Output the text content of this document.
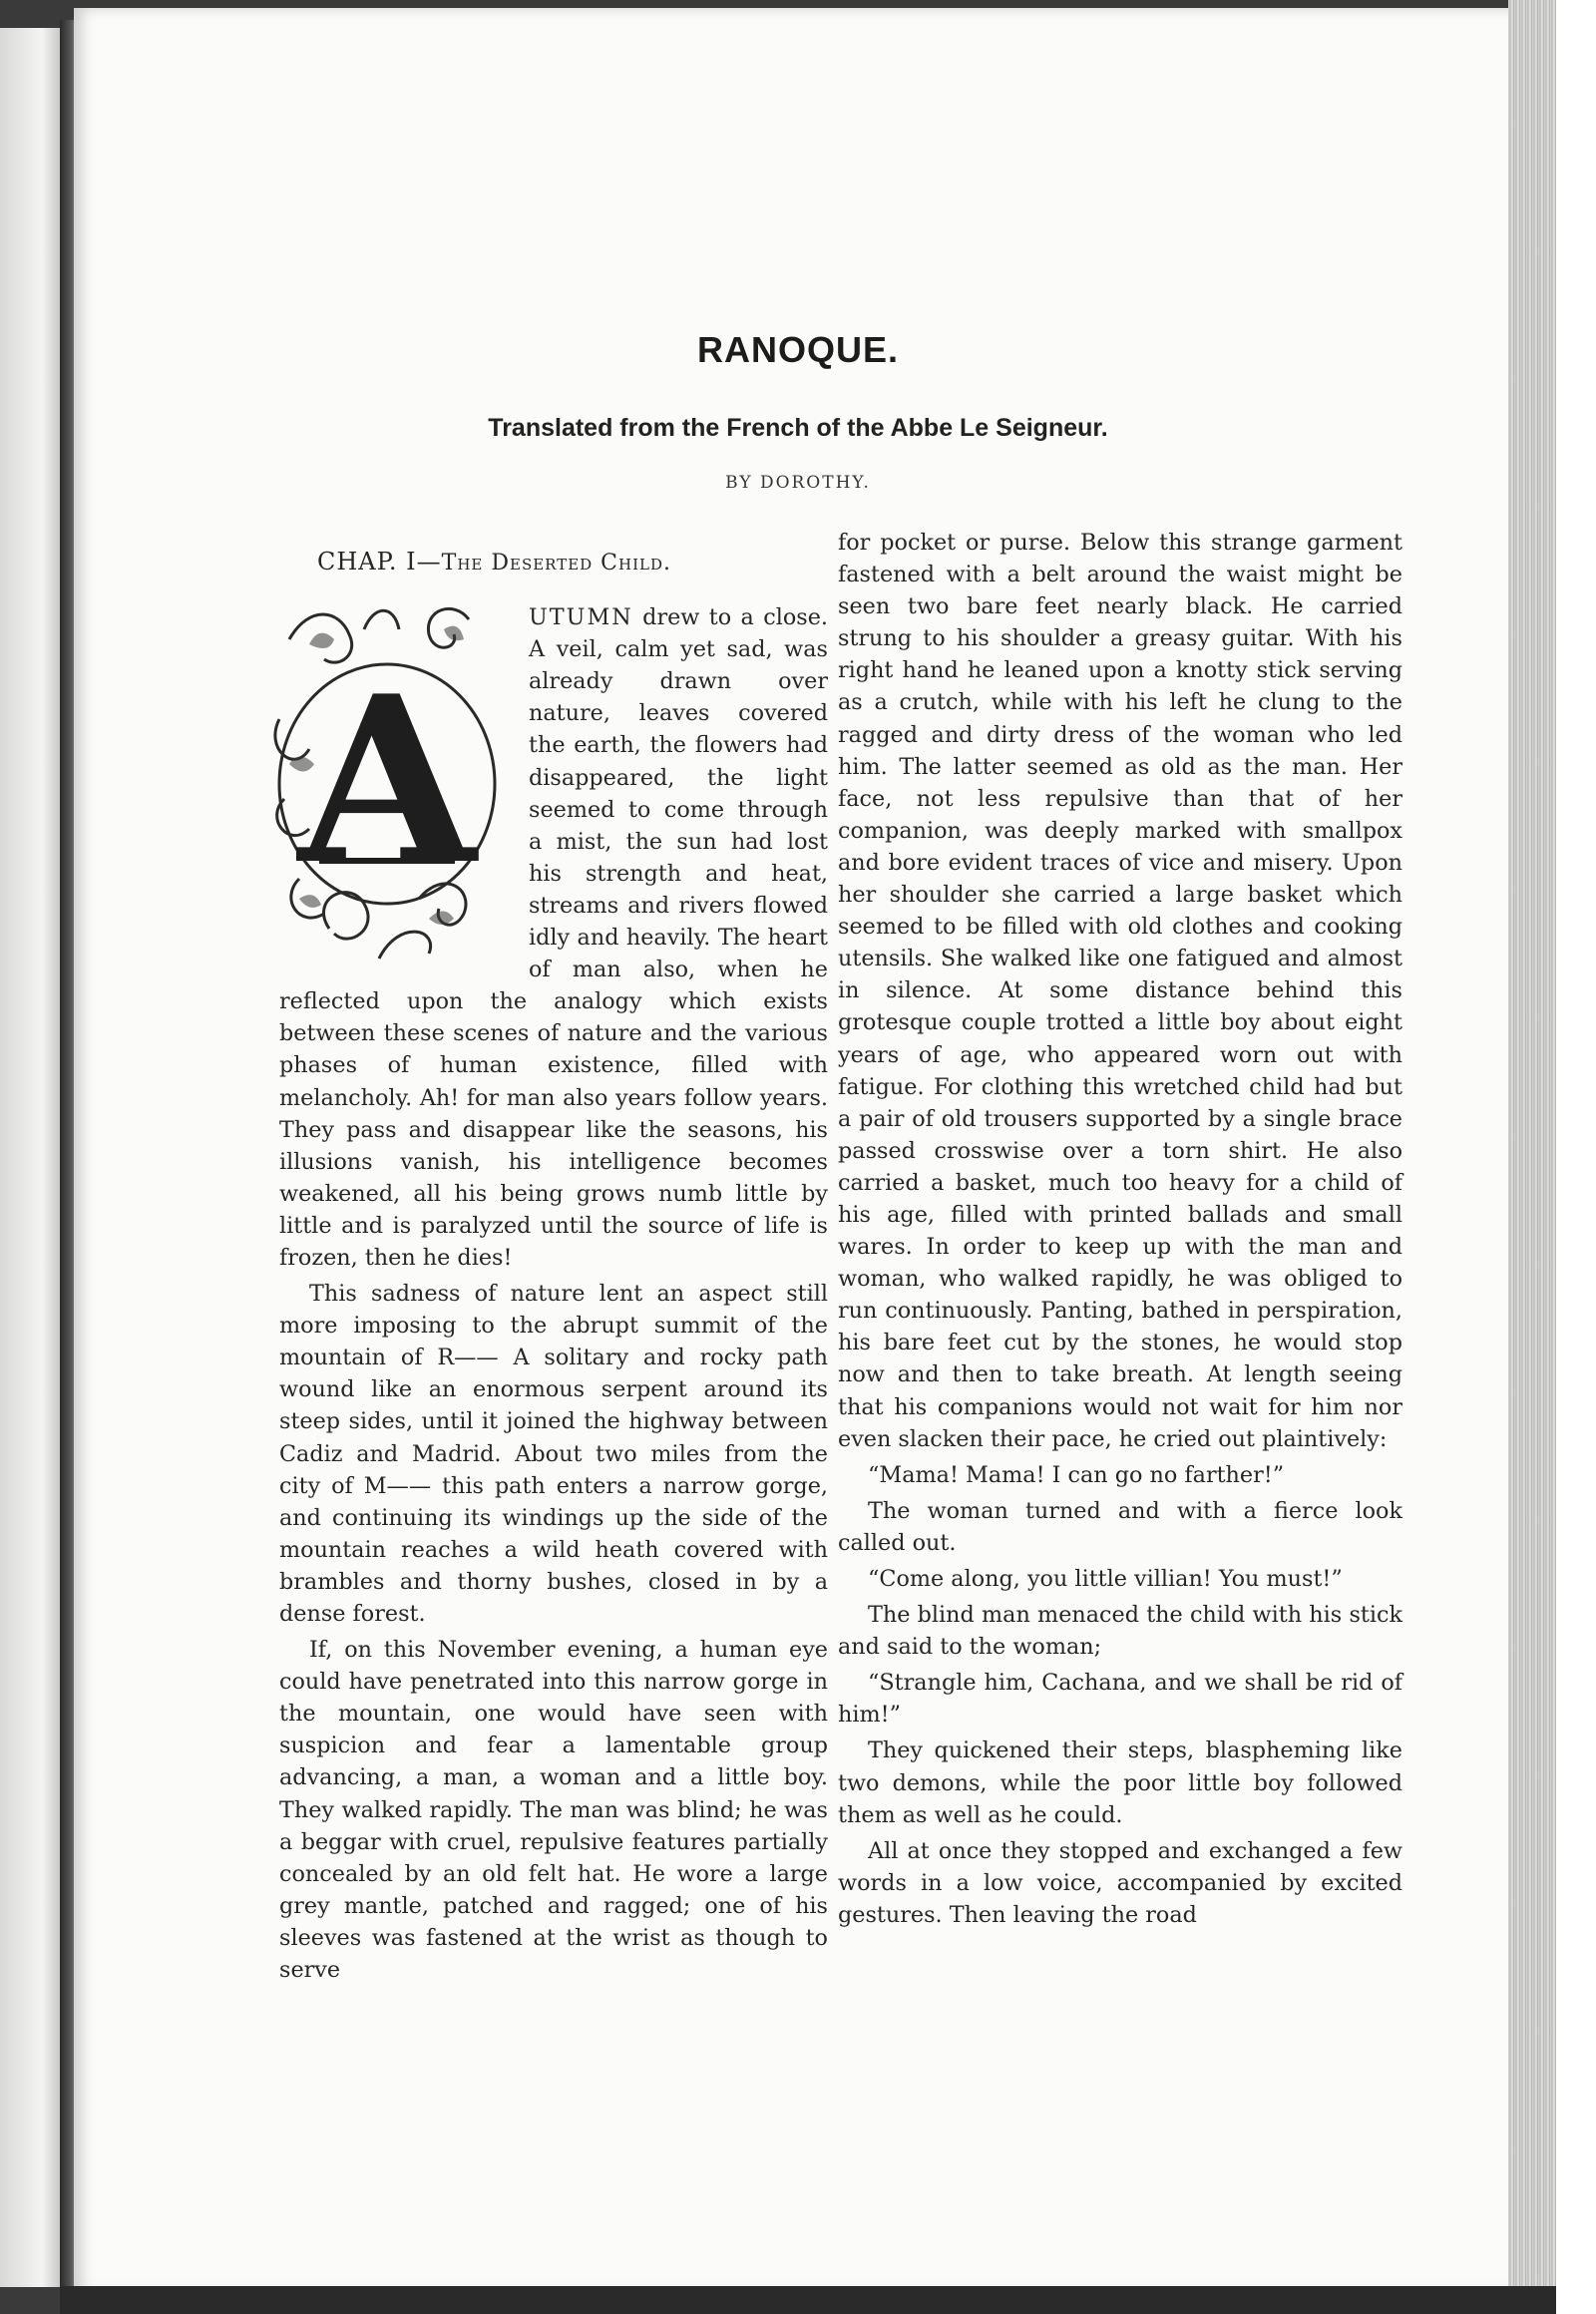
RANOQUE.
Translated from the French of the Abbe Le Seigneur.

BY DOROTHY.

CHAP. I—The Deserted Child.

A
UTUMN drew to a close. A veil, calm yet sad, was already drawn over nature, leaves covered the earth, the flowers had disappeared, the light seemed to come through a mist, the sun had lost his strength and heat, streams and rivers flowed idly and heavily. The heart of man also, when he reflected upon the analogy which exists between these scenes of nature and the various phases of human existence, filled with melancholy. Ah! for man also years follow years. They pass and disappear like the seasons, his illusions vanish, his intelligence becomes weakened, all his being grows numb little by little and is paralyzed until the source of life is frozen, then he dies!

This sadness of nature lent an aspect still more imposing to the abrupt summit of the mountain of R—— A solitary and rocky path wound like an enormous serpent around its steep sides, until it joined the highway between Cadiz and Madrid. About two miles from the city of M—— this path enters a narrow gorge, and continuing its windings up the side of the mountain reaches a wild heath covered with brambles and thorny bushes, closed in by a dense forest.

If, on this November evening, a human eye could have penetrated into this narrow gorge in the mountain, one would have seen with suspicion and fear a lamentable group advancing, a man, a woman and a little boy. They walked rapidly. The man was blind; he was a beggar with cruel, repulsive features partially concealed by an old felt hat. He wore a large grey mantle, patched and ragged; one of his sleeves was fastened at the wrist as though to serve

for pocket or purse. Below this strange garment fastened with a belt around the waist might be seen two bare feet nearly black. He carried strung to his shoulder a greasy guitar. With his right hand he leaned upon a knotty stick serving as a crutch, while with his left he clung to the ragged and dirty dress of the woman who led him. The latter seemed as old as the man. Her face, not less repulsive than that of her companion, was deeply marked with smallpox and bore evident traces of vice and misery. Upon her shoulder she carried a large basket which seemed to be filled with old clothes and cooking utensils. She walked like one fatigued and almost in silence. At some distance behind this grotesque couple trotted a little boy about eight years of age, who appeared worn out with fatigue. For clothing this wretched child had but a pair of old trousers supported by a single brace passed crosswise over a torn shirt. He also carried a basket, much too heavy for a child of his age, filled with printed ballads and small wares. In order to keep up with the man and woman, who walked rapidly, he was obliged to run continuously. Panting, bathed in perspiration, his bare feet cut by the stones, he would stop now and then to take breath. At length seeing that his companions would not wait for him nor even slacken their pace, he cried out plaintively:

“Mama! Mama! I can go no farther!”

The woman turned and with a fierce look called out.

“Come along, you little villian! You must!”

The blind man menaced the child with his stick and said to the woman;

“Strangle him, Cachana, and we shall be rid of him!”

They quickened their steps, blaspheming like two demons, while the poor little boy followed them as well as he could.

All at once they stopped and exchanged a few words in a low voice, accompanied by excited gestures. Then leaving the road
